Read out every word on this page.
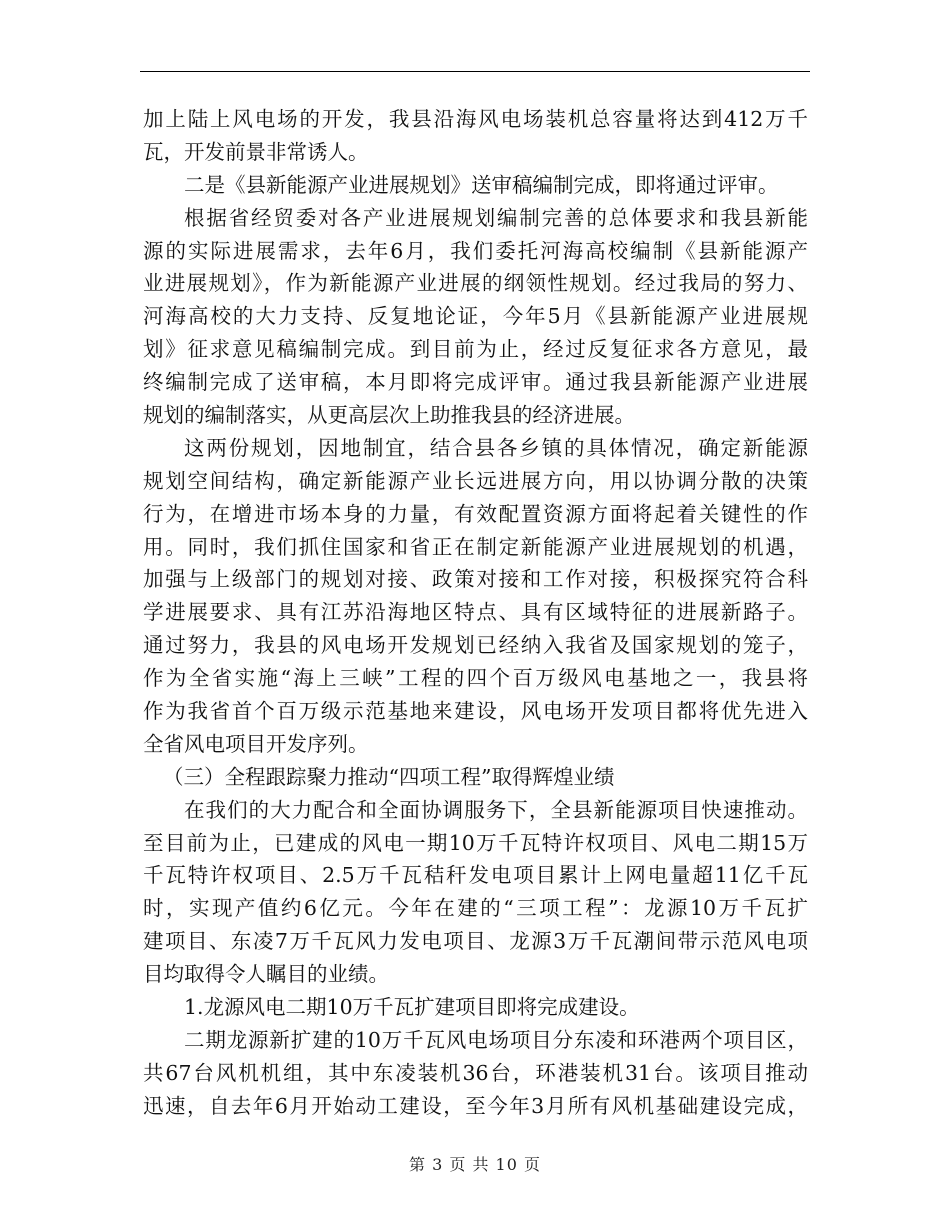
加上陆上风电场的开发，我县沿海风电场装机总容量将达到412万千
瓦，开发前景非常诱人。
二是《县新能源产业进展规划》送审稿编制完成，即将通过评审。
根据省经贸委对各产业进展规划编制完善的总体要求和我县新能
源的实际进展需求，去年6月，我们委托河海高校编制《县新能源产
业进展规划》，作为新能源产业进展的纲领性规划。经过我局的努力、
河海高校的大力支持、反复地论证，今年5月《县新能源产业进展规
划》征求意见稿编制完成。到目前为止，经过反复征求各方意见，最
终编制完成了送审稿，本月即将完成评审。通过我县新能源产业进展
规划的编制落实，从更高层次上助推我县的经济进展。
这两份规划，因地制宜，结合县各乡镇的具体情况，确定新能源
规划空间结构，确定新能源产业长远进展方向，用以协调分散的决策
行为，在增进市场本身的力量，有效配置资源方面将起着关键性的作
用。同时，我们抓住国家和省正在制定新能源产业进展规划的机遇，
加强与上级部门的规划对接、政策对接和工作对接，积极探究符合科
学进展要求、具有江苏沿海地区特点、具有区域特征的进展新路子。
通过努力，我县的风电场开发规划已经纳入我省及国家规划的笼子，
作为全省实施“海上三峡”工程的四个百万级风电基地之一，我县将
作为我省首个百万级示范基地来建设，风电场开发项目都将优先进入
全省风电项目开发序列。
（三）全程跟踪聚力推动“四项工程”取得辉煌业绩
在我们的大力配合和全面协调服务下，全县新能源项目快速推动。
至目前为止，已建成的风电一期10万千瓦特许权项目、风电二期15万
千瓦特许权项目、2.5万千瓦秸秆发电项目累计上网电量超11亿千瓦
时，实现产值约6亿元。今年在建的“三项工程”：龙源10万千瓦扩
建项目、东凌7万千瓦风力发电项目、龙源3万千瓦潮间带示范风电项
目均取得令人瞩目的业绩。
1.龙源风电二期10万千瓦扩建项目即将完成建设。
二期龙源新扩建的10万千瓦风电场项目分东凌和环港两个项目区，
共67台风机机组，其中东凌装机36台，环港装机31台。该项目推动
迅速，自去年6月开始动工建设，至今年3月所有风机基础建设完成，
第 3 页 共 10 页
